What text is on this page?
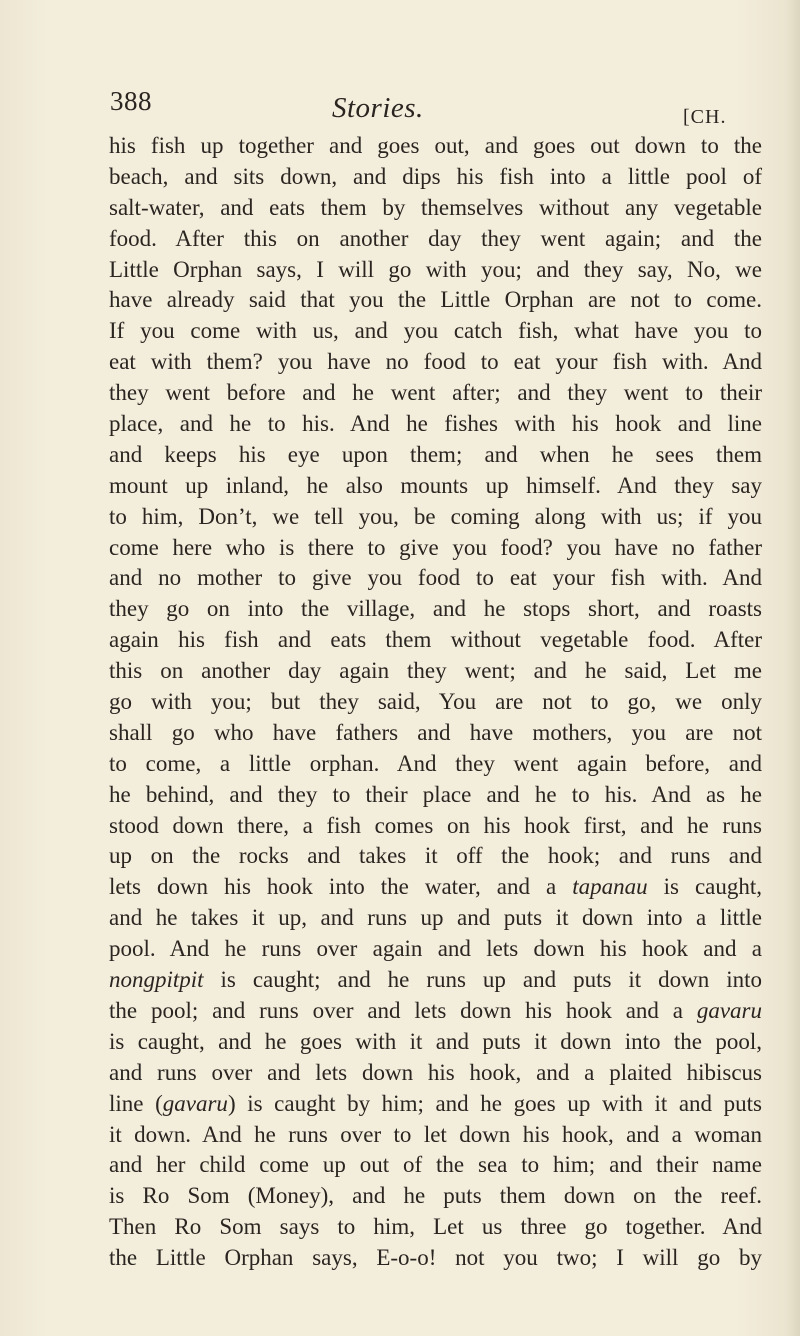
388	Stories.	[CH.
his fish up together and goes out, and goes out down to the
beach, and sits down, and dips his fish into a little pool of
salt-water, and eats them by themselves without any vegetable
food. After this on another day they went again; and the
Little Orphan says, I will go with you; and they say, No, we
have already said that you the Little Orphan are not to come.
If you come with us, and you catch fish, what have you to
eat with them? you have no food to eat your fish with. And
they went before and he went after; and they went to their
place, and he to his. And he fishes with his hook and line
and keeps his eye upon them; and when he sees them
mount up inland, he also mounts up himself. And they say
to him, Don’t, we tell you, be coming along with us; if you
come here who is there to give you food? you have no father
and no mother to give you food to eat your fish with. And
they go on into the village, and he stops short, and roasts
again his fish and eats them without vegetable food. After
this on another day again they went; and he said, Let me
go with you; but they said, You are not to go, we only
shall go who have fathers and have mothers, you are not
to come, a little orphan. And they went again before, and
he behind, and they to their place and he to his. And as he
stood down there, a fish comes on his hook first, and he runs
up on the rocks and takes it off the hook; and runs and
lets down his hook into the water, and a tapanau is caught,
and he takes it up, and runs up and puts it down into a little
pool. And he runs over again and lets down his hook and a
nongpitpit is caught; and he runs up and puts it down into
the pool; and runs over and lets down his hook and a gavaru
is caught, and he goes with it and puts it down into the pool,
and runs over and lets down his hook, and a plaited hibiscus
line (gavaru) is caught by him; and he goes up with it and puts
it down. And he runs over to let down his hook, and a woman
and her child come up out of the sea to him; and their name
is Ro Som (Money), and he puts them down on the reef.
Then Ro Som says to him, Let us three go together. And
the Little Orphan says, E-o-o! not you two; I will go by
